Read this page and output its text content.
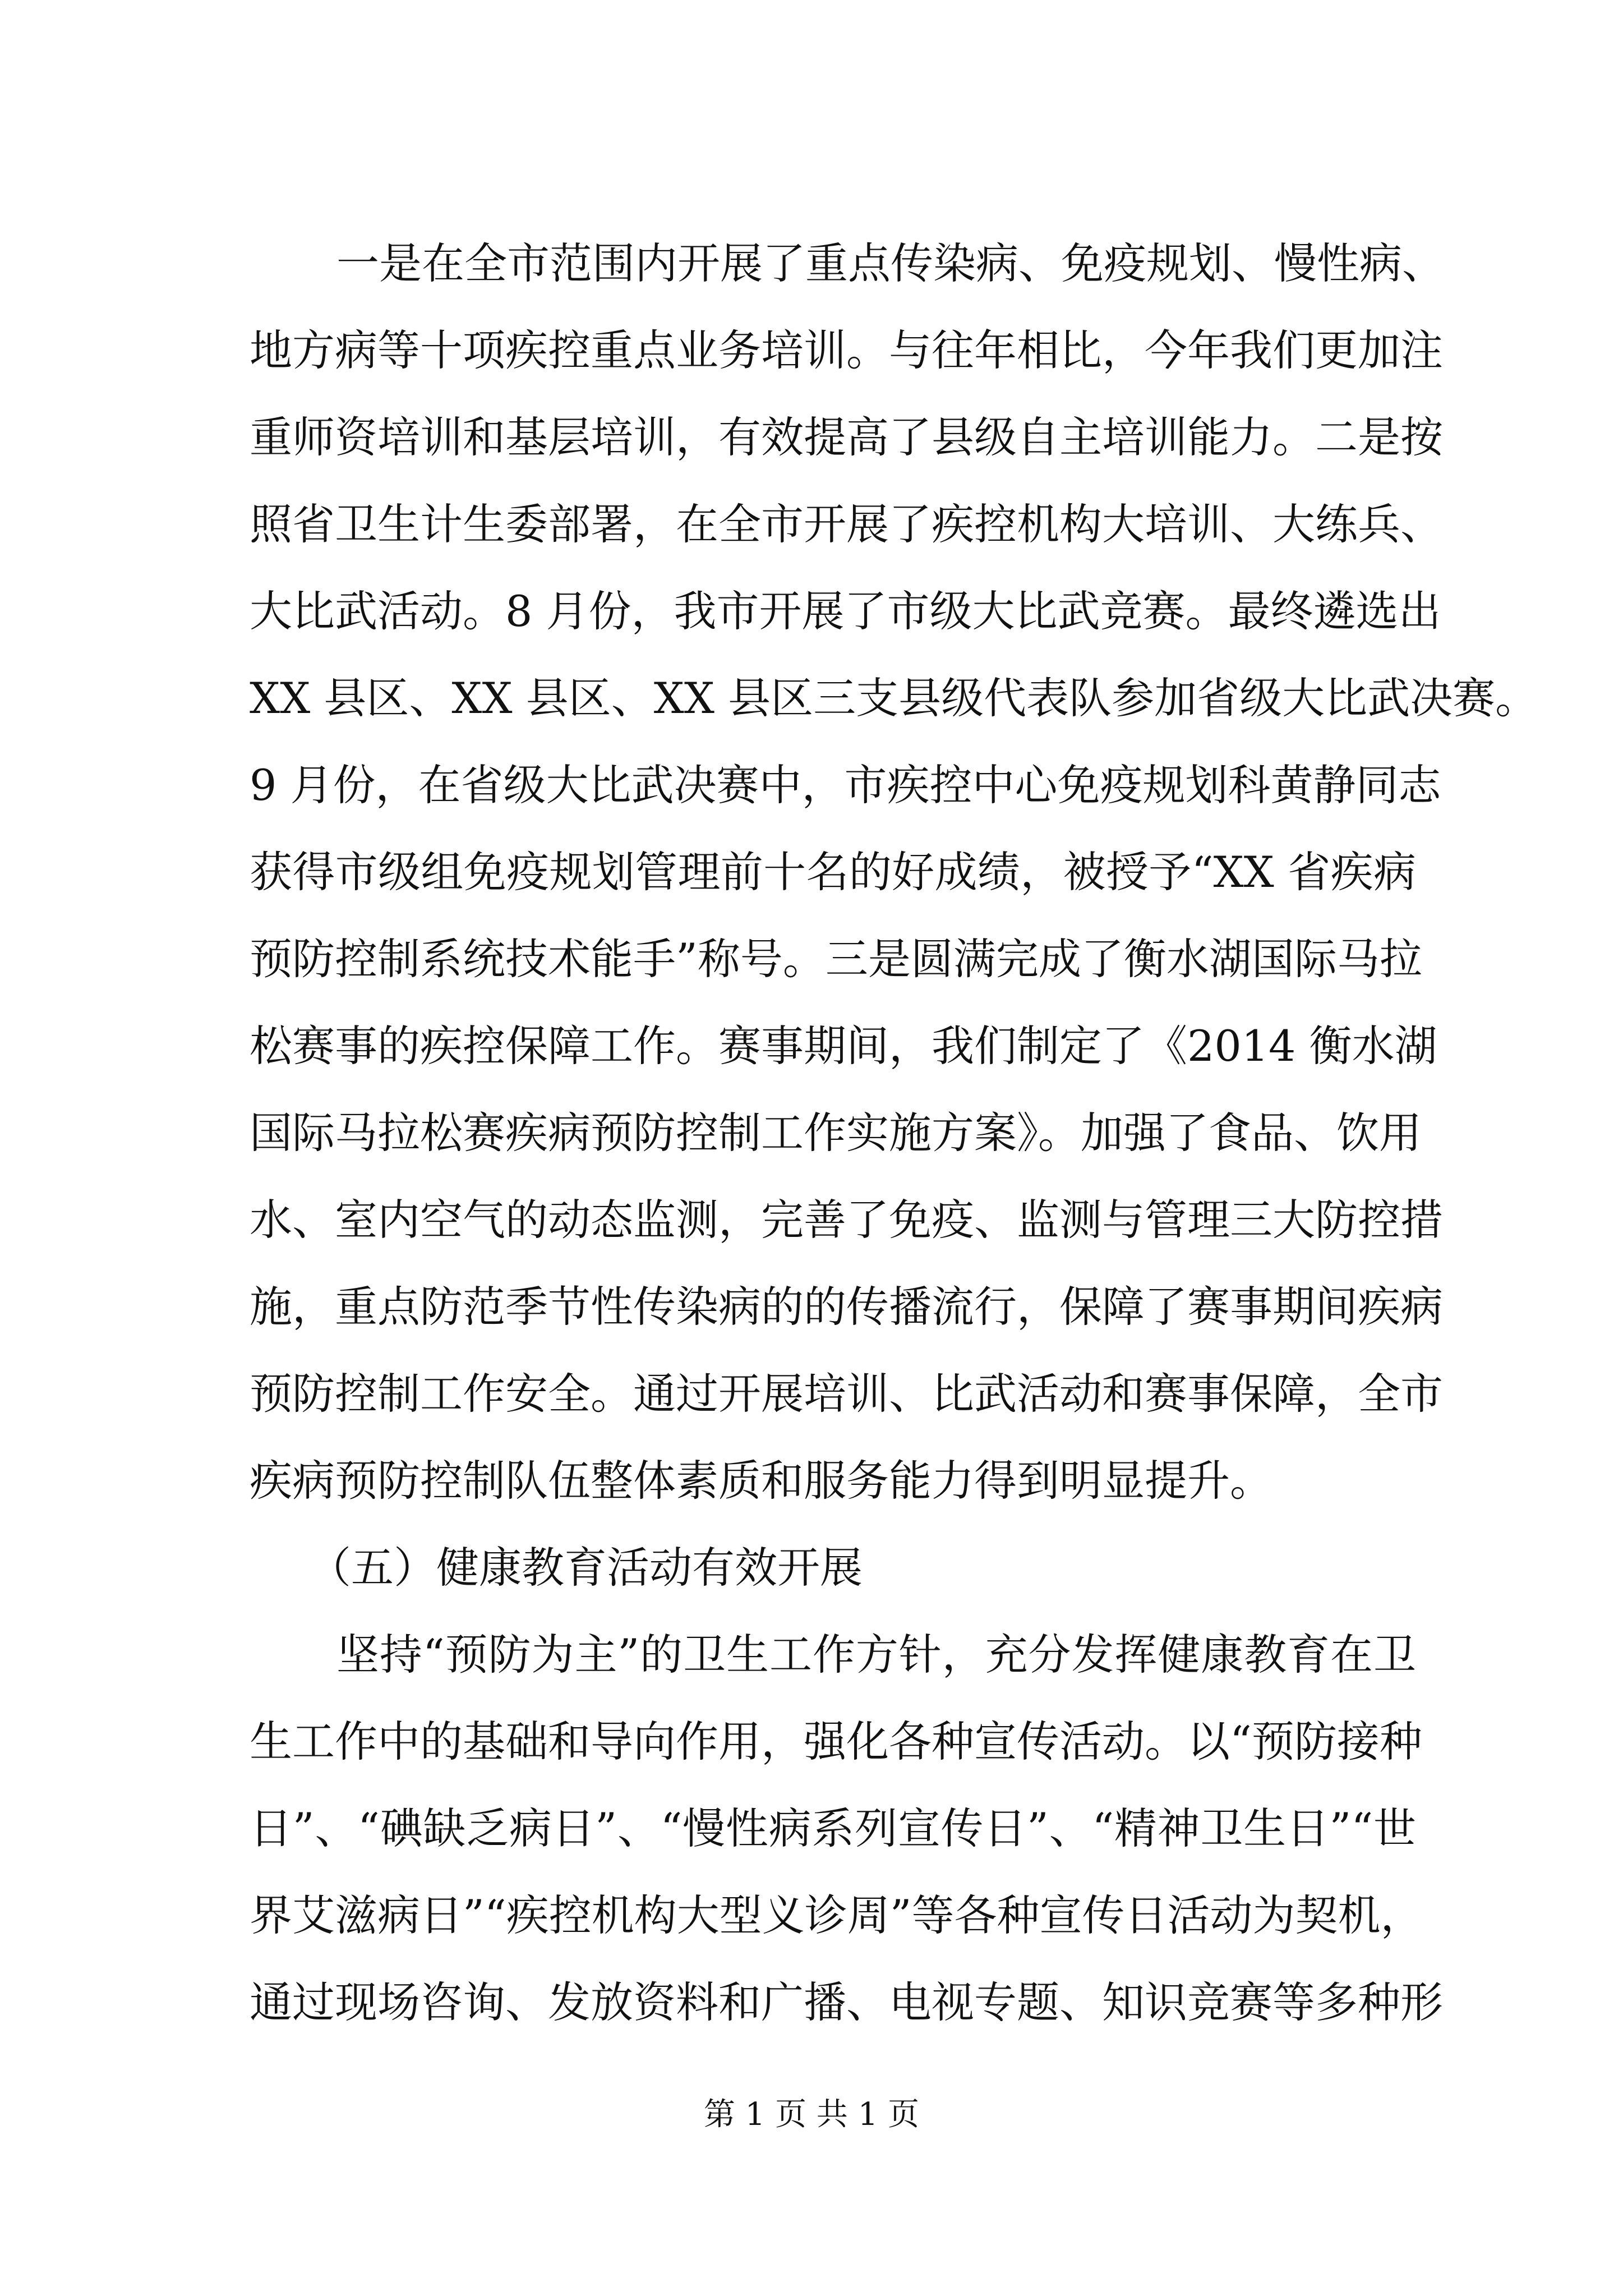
一是在全市范围内开展了重点传染病、免疫规划、慢性病、
地方病等十项疾控重点业务培训。与往年相比，今年我们更加注
重师资培训和基层培训，有效提高了县级自主培训能力。二是按
照省卫生计生委部署，在全市开展了疾控机构大培训、大练兵、
大比武活动。8 月份，我市开展了市级大比武竞赛。最终遴选出
XX 县区、XX 县区、XX 县区三支县级代表队参加省级大比武决赛。
9 月份，在省级大比武决赛中，市疾控中心免疫规划科黄静同志
获得市级组免疫规划管理前十名的好成绩，被授予“XX 省疾病
预防控制系统技术能手”称号。三是圆满完成了衡水湖国际马拉
松赛事的疾控保障工作。赛事期间，我们制定了《2014 衡水湖
国际马拉松赛疾病预防控制工作实施方案》。加强了食品、饮用
水、室内空气的动态监测，完善了免疫、监测与管理三大防控措
施，重点防范季节性传染病的的传播流行，保障了赛事期间疾病
预防控制工作安全。通过开展培训、比武活动和赛事保障，全市
疾病预防控制队伍整体素质和服务能力得到明显提升。
（五）健康教育活动有效开展
坚持“预防为主”的卫生工作方针，充分发挥健康教育在卫
生工作中的基础和导向作用，强化各种宣传活动。以“预防接种
日”、“碘缺乏病日”、“慢性病系列宣传日”、“精神卫生日”“世
界艾滋病日”“疾控机构大型义诊周”等各种宣传日活动为契机，
通过现场咨询、发放资料和广播、电视专题、知识竞赛等多种形
第 1 页 共 1 页
